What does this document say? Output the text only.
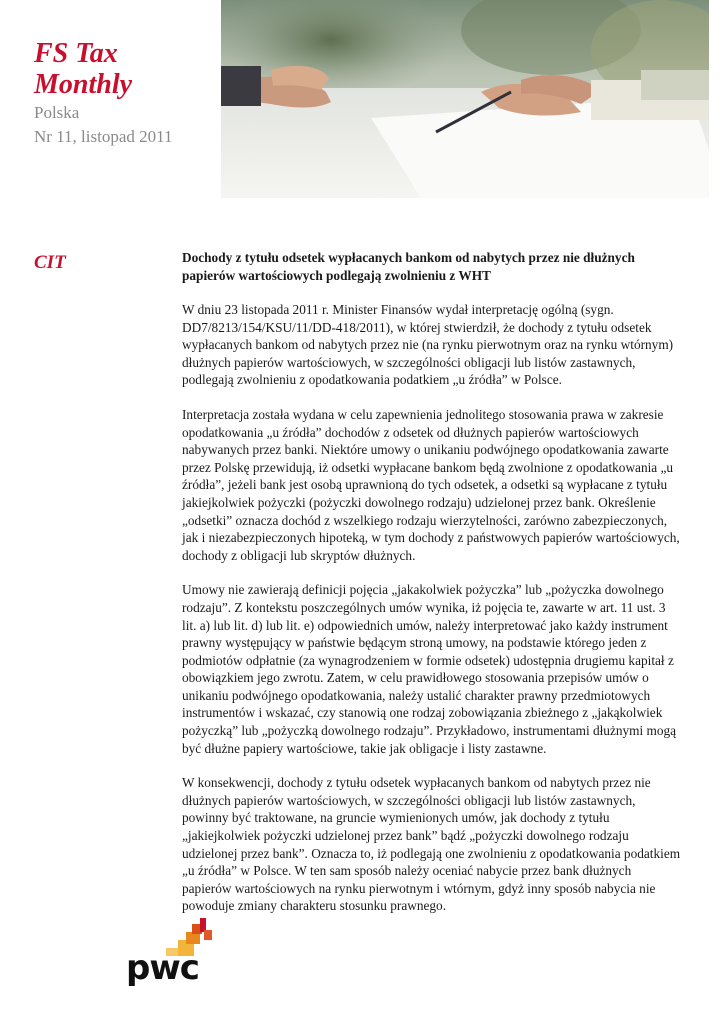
FS Tax
Monthly
Polska
Nr 11, listopad 2011
CIT	Dochody z tytułu odsetek wypłacanych bankom od nabytych przez nie dłużnych papierów wartościowych podlegają zwolnieniu z WHT

W dniu 23 listopada 2011 r. Minister Finansów wydał interpretację ogólną (sygn. DD7/8213/154/KSU/11/DD-418/2011), w której stwierdził, że dochody z tytułu odsetek wypłacanych bankom od nabytych przez nie (na rynku pierwotnym oraz na rynku wtórnym) dłużnych papierów wartościowych, w szczególności obligacji lub listów zastawnych, podlegają zwolnieniu z opodatkowania podatkiem „u źródła” w Polsce.

Interpretacja została wydana w celu zapewnienia jednolitego stosowania prawa w zakresie opodatkowania „u źródła” dochodów z odsetek od dłużnych papierów wartościowych nabywanych przez banki. Niektóre umowy o unikaniu podwójnego opodatkowania zawarte przez Polskę przewidują, iż odsetki wypłacane bankom będą zwolnione z opodatkowania „u źródła”, jeżeli bank jest osobą uprawnioną do tych odsetek, a odsetki są wypłacane z tytułu jakiejkolwiek pożyczki (pożyczki dowolnego rodzaju) udzielonej przez bank. Określenie „odsetki” oznacza dochód z wszelkiego rodzaju wierzytelności, zarówno zabezpieczonych, jak i niezabezpieczonych hipoteką, w tym dochody z państwowych papierów wartościowych, dochody z obligacji lub skryptów dłużnych.

Umowy nie zawierają definicji pojęcia „jakakolwiek pożyczka” lub „pożyczka dowolnego rodzaju”. Z kontekstu poszczególnych umów wynika, iż pojęcia te, zawarte w art. 11 ust. 3 lit. a) lub lit. d) lub lit. e) odpowiednich umów, należy interpretować jako każdy instrument prawny występujący w państwie będącym stroną umowy, na podstawie którego jeden z podmiotów odpłatnie (za wynagrodzeniem w formie odsetek) udostępnia drugiemu kapitał z obowiązkiem jego zwrotu. Zatem, w celu prawidłowego stosowania przepisów umów o unikaniu podwójnego opodatkowania, należy ustalić charakter prawny przedmiotowych instrumentów i wskazać, czy stanowią one rodzaj zobowiązania zbieżnego z „jakąkolwiek pożyczką” lub „pożyczką dowolnego rodzaju”. Przykładowo, instrumentami dłużnymi mogą być dłużne papiery wartościowe, takie jak obligacje i listy zastawne.

W konsekwencji, dochody z tytułu odsetek wypłacanych bankom od nabytych przez nie dłużnych papierów wartościowych, w szczególności obligacji lub listów zastawnych, powinny być traktowane, na gruncie wymienionych umów, jak dochody z tytułu „jakiejkolwiek pożyczki udzielonej przez bank” bądź „pożyczki dowolnego rodzaju udzielonej przez bank”. Oznacza to, iż podlegają one zwolnieniu z opodatkowania podatkiem „u źródła” w Polsce. W ten sam sposób należy oceniać nabycie przez bank dłużnych papierów wartościowych na rynku pierwotnym i wtórnym, gdyż inny sposób nabycia nie powoduje zmiany charakteru stosunku prawnego.

pwc
